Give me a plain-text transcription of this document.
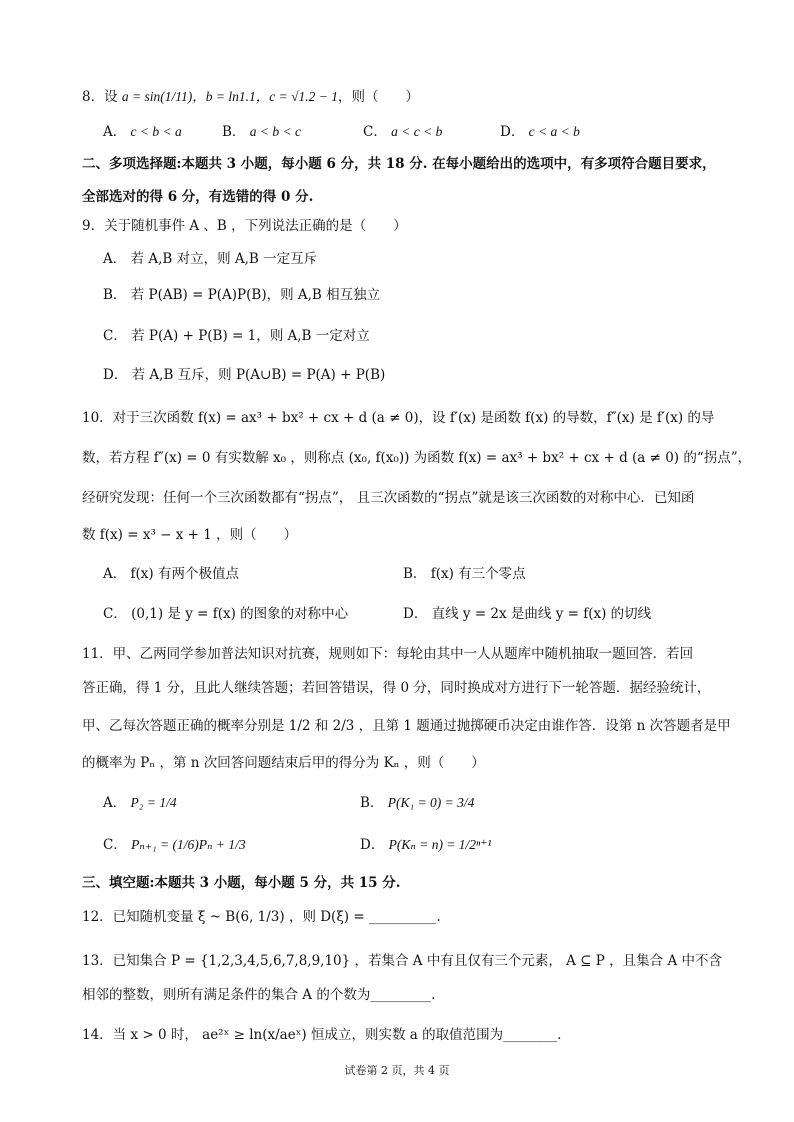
8．设 a = sin(1/11)，b = ln1.1，c = √1.2 − 1，则（　　）
A． c < b < a	B． a < b < c	C． a < c < b	D． c < a < b
二、多项选择题:本题共 3 小题，每小题 6 分，共 18 分. 在每小题给出的选项中，有多项符合题目要求，
全部选对的得 6 分，有选错的得 0 分.
9．关于随机事件 A 、B ，下列说法正确的是（　　）
A． 若 A,B 对立，则 A,B 一定互斥
B． 若 P(AB) = P(A)P(B)，则 A,B 相互独立
C． 若 P(A) + P(B) = 1，则 A,B 一定对立
D． 若 A,B 互斥，则 P(A∪B) = P(A) + P(B)
10．对于三次函数 f(x) = ax³ + bx² + cx + d (a ≠ 0)，设 f′(x) 是函数 f(x) 的导数，f″(x) 是 f′(x) 的导
数，若方程 f″(x) = 0 有实数解 x₀ ，则称点 (x₀, f(x₀)) 为函数 f(x) = ax³ + bx² + cx + d (a ≠ 0) 的“拐点”，
经研究发现：任何一个三次函数都有“拐点”， 且三次函数的“拐点”就是该三次函数的对称中心．已知函
数 f(x) = x³ − x + 1 ，则（　　）
A． f(x) 有两个极值点	B． f(x) 有三个零点
C． (0,1) 是 y = f(x) 的图象的对称中心	D． 直线 y = 2x 是曲线 y = f(x) 的切线
11．甲、乙两同学参加普法知识对抗赛，规则如下：每轮由其中一人从题库中随机抽取一题回答．若回
答正确，得 1 分，且此人继续答题；若回答错误，得 0 分，同时换成对方进行下一轮答题．据经验统计，
甲、乙每次答题正确的概率分别是 1/2 和 2/3 ，且第 1 题通过抛掷硬币决定由谁作答．设第 n 次答题者是甲
的概率为 Pₙ ，第 n 次回答问题结束后甲的得分为 Kₙ ，则（　　）
A． P₂ = 1/4	B． P(K₁ = 0) = 3/4
C． Pₙ₊₁ = (1/6)Pₙ + 1/3	D． P(Kₙ = n) = 1/2ⁿ⁺¹
三、填空题:本题共 3 小题，每小题 5 分，共 15 分.
12．已知随机变量 ξ ~ B(6, 1/3) ，则 D(ξ) = __________.
13．已知集合 P = {1,2,3,4,5,6,7,8,9,10} ，若集合 A 中有且仅有三个元素， A ⊆ P ，且集合 A 中不含
相邻的整数，则所有满足条件的集合 A 的个数为_________.
14．当 x > 0 时， ae²ˣ ≥ ln(x/aeˣ) 恒成立，则实数 a 的取值范围为________.
试卷第 2 页，共 4 页
